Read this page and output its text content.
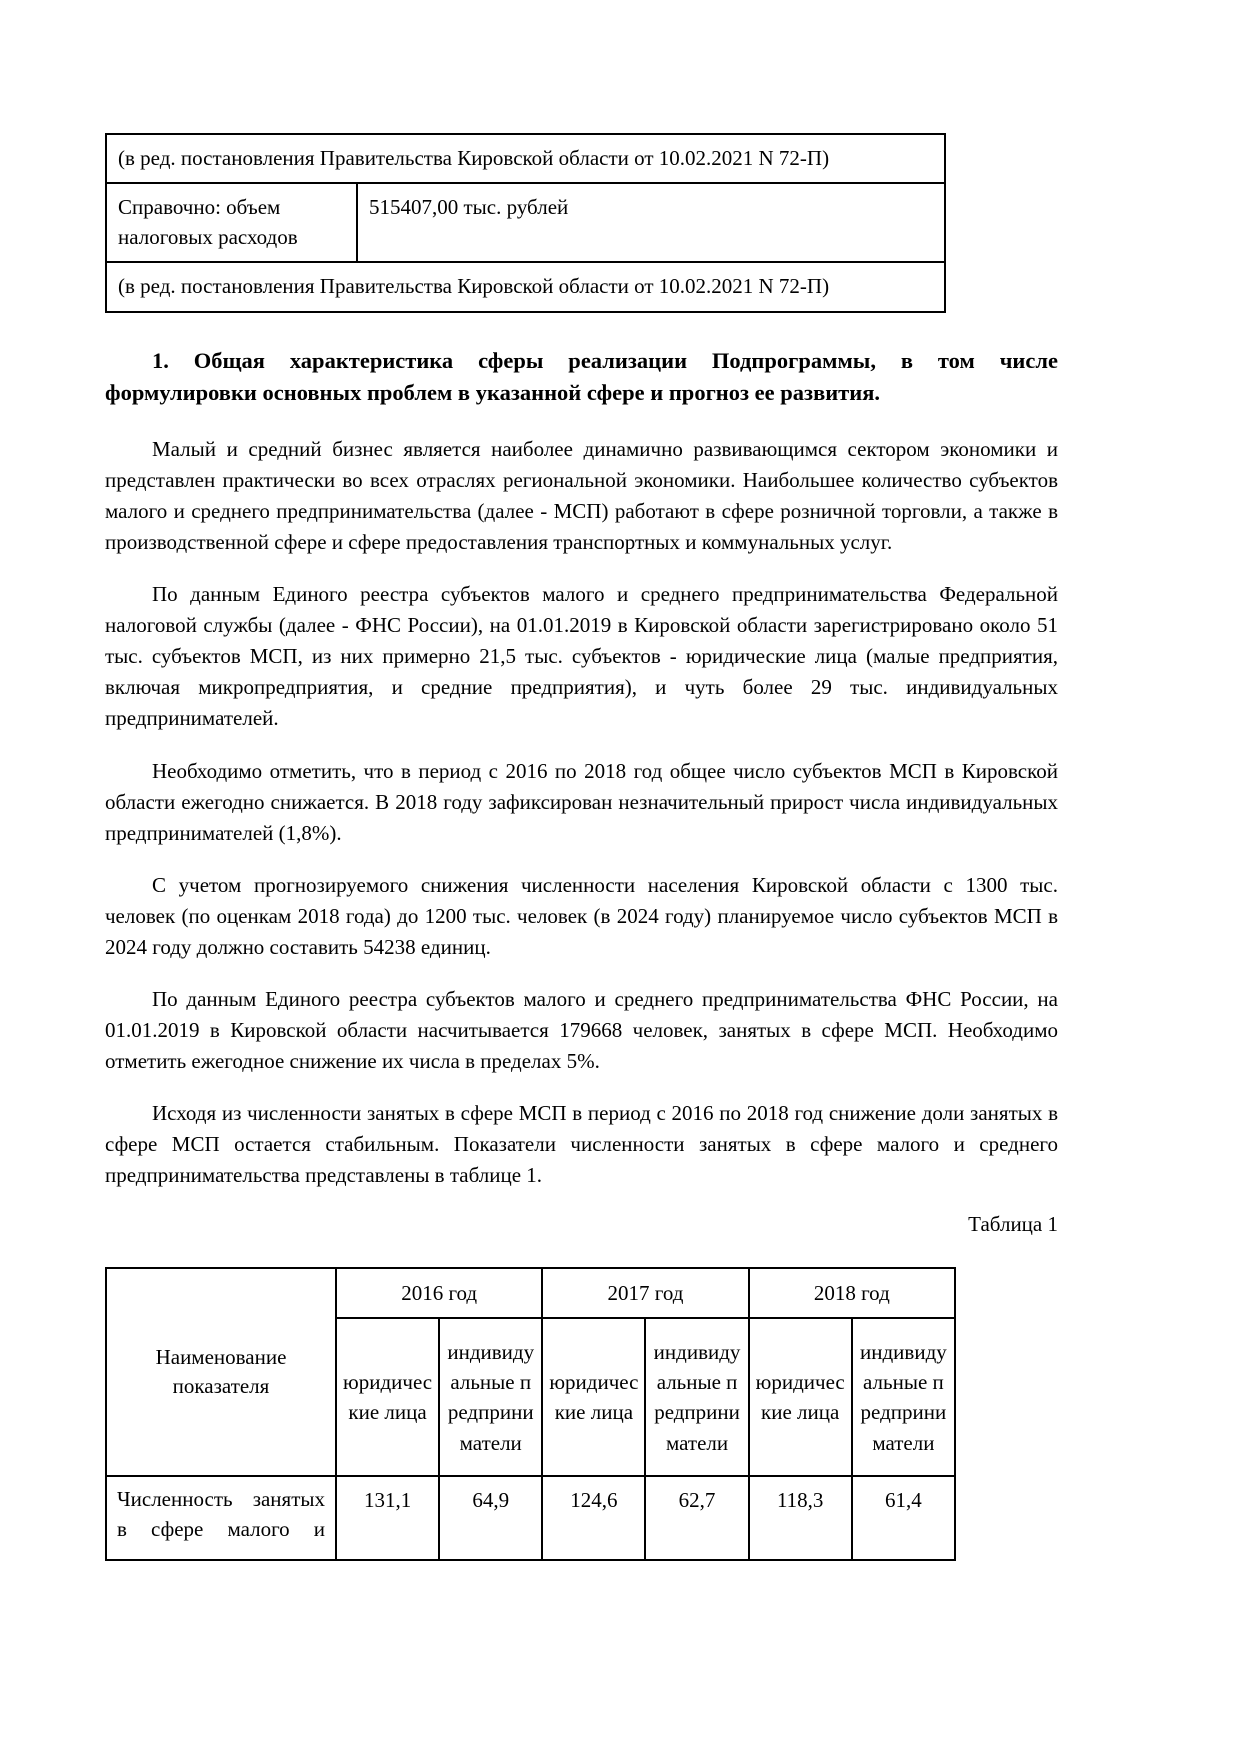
(в ред. постановления Правительства Кировской области от 10.02.2021 N 72-П)
Справочно: объем налоговых расходов	515407,00 тыс. рублей
(в ред. постановления Правительства Кировской области от 10.02.2021 N 72-П)
1. Общая характеристика сферы реализации Подпрограммы, в том числе формулировки основных проблем в указанной сфере и прогноз ее развития.

Малый и средний бизнес является наиболее динамично развивающимся сектором экономики и представлен практически во всех отраслях региональной экономики. Наибольшее количество субъектов малого и среднего предпринимательства (далее - МСП) работают в сфере розничной торговли, а также в производственной сфере и сфере предоставления транспортных и коммунальных услуг.

По данным Единого реестра субъектов малого и среднего предпринимательства Федеральной налоговой службы (далее - ФНС России), на 01.01.2019 в Кировской области зарегистрировано около 51 тыс. субъектов МСП, из них примерно 21,5 тыс. субъектов - юридические лица (малые предприятия, включая микропредприятия, и средние предприятия), и чуть более 29 тыс. индивидуальных предпринимателей.

Необходимо отметить, что в период с 2016 по 2018 год общее число субъектов МСП в Кировской области ежегодно снижается. В 2018 году зафиксирован незначительный прирост числа индивидуальных предпринимателей (1,8%).

С учетом прогнозируемого снижения численности населения Кировской области с 1300 тыс. человек (по оценкам 2018 года) до 1200 тыс. человек (в 2024 году) планируемое число субъектов МСП в 2024 году должно составить 54238 единиц.

По данным Единого реестра субъектов малого и среднего предпринимательства ФНС России, на 01.01.2019 в Кировской области насчитывается 179668 человек, занятых в сфере МСП. Необходимо отметить ежегодное снижение их числа в пределах 5%.

Исходя из численности занятых в сфере МСП в период с 2016 по 2018 год снижение доли занятых в сфере МСП остается стабильным. Показатели численности занятых в сфере малого и среднего предпринимательства представлены в таблице 1.

Таблица 1
Наименование показателя	2016 год		2017 год		2018 год	
	юридические лица	индивидуальные предприниматели	юридические лица	индивидуальные предприниматели	юридические лица	индивидуальные предприниматели
Численность занятых в сфере малого и	131,1	64,9	124,6	62,7	118,3	61,4
